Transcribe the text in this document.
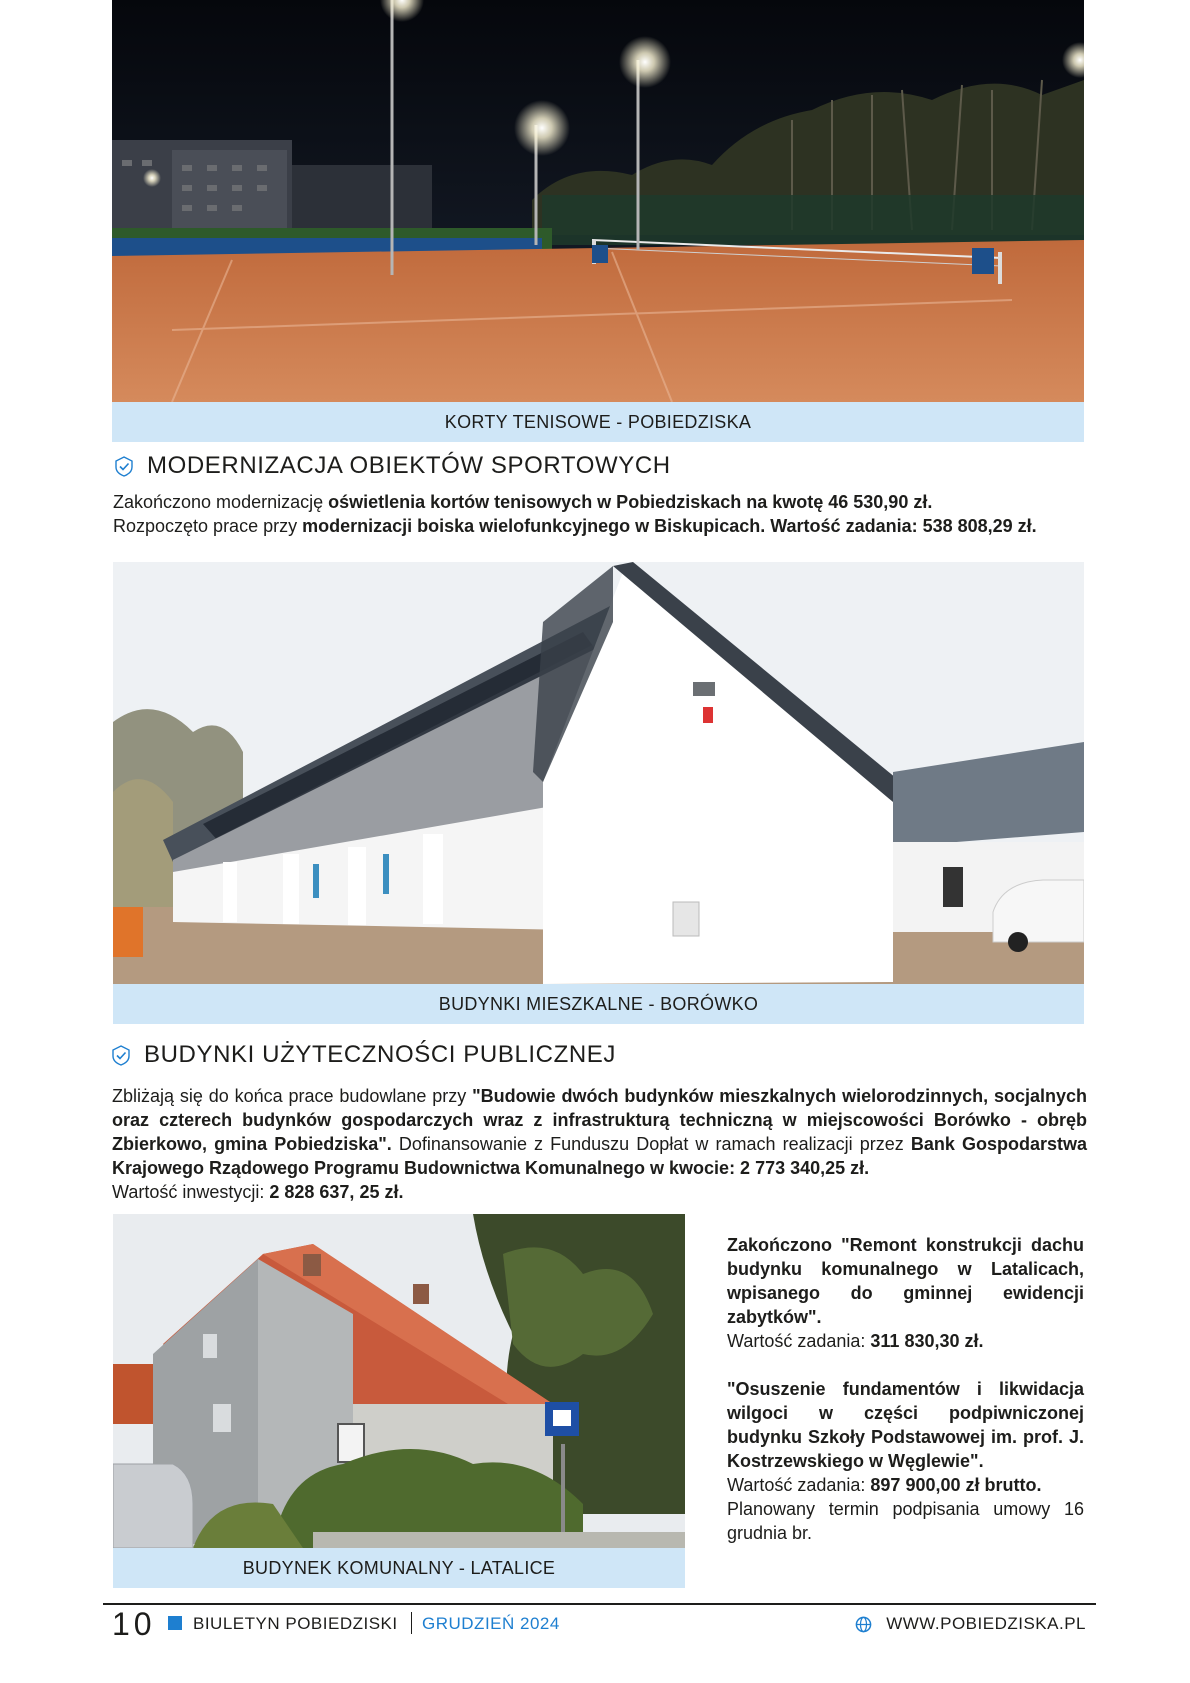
KORTY TENISOWE - POBIEDZISKA
MODERNIZACJA OBIEKTÓW SPORTOWYCH
Zakończono modernizację oświetlenia kortów tenisowych w Pobiedziskach na kwotę 46 530,90 zł.
Rozpoczęto prace przy modernizacji boiska wielofunkcyjnego w Biskupicach. Wartość zadania: 538 808,29 zł.
BUDYNKI MIESZKALNE - BORÓWKO
BUDYNKI UŻYTECZNOŚCI PUBLICZNEJ
Zbliżają się do końca prace budowlane przy "Budowie dwóch budynków mieszkalnych wielorodzinnych, socjalnych oraz czterech budynków gospodarczych wraz z infrastrukturą techniczną w miejscowości Borówko - obręb Zbierkowo, gmina Pobiedziska". Dofinansowanie z Funduszu Dopłat w ramach realizacji przez Bank Gospodarstwa Krajowego Rządowego Programu Budownictwa Komunalnego w kwocie: 2 773 340,25 zł.
Wartość inwestycji: 2 828 637, 25 zł.
BUDYNEK KOMUNALNY - LATALICE
Zakończono "Remont konstrukcji dachu budynku komunalnego w Latalicach, wpisanego do gminnej ewidencji zabytków".
Wartość zadania: 311 830,30 zł.
"Osuszenie fundamentów i likwidacja wilgoci w części podpiwniczonej budynku Szkoły Podstawowej im. prof. J. Kostrzewskiego w Węglewie".
Wartość zadania: 897 900,00 zł brutto.
Planowany termin podpisania umowy 16 grudnia br.
10 BIULETYN POBIEDZISKI GRUDZIEŃ 2024	WWW.POBIEDZISKA.PL
